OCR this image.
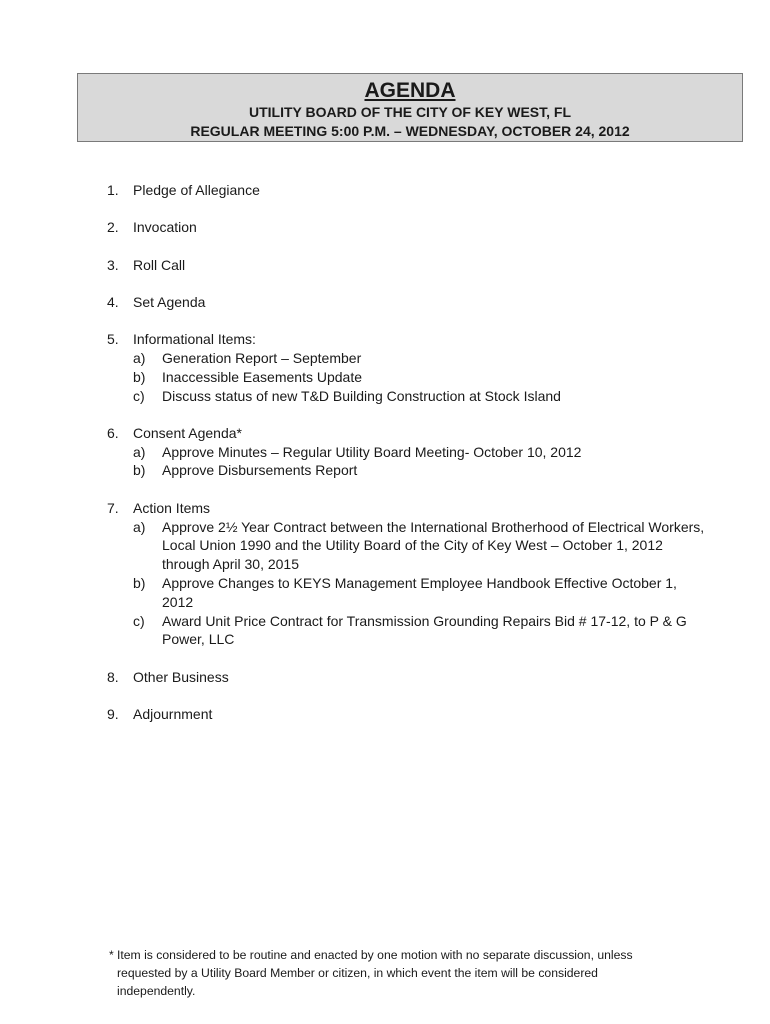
AGENDA
UTILITY BOARD OF THE CITY OF KEY WEST, FL
REGULAR MEETING 5:00 P.M. – WEDNESDAY, OCTOBER 24, 2012
1.	Pledge of Allegiance
2.	Invocation
3.	Roll Call
4.	Set Agenda
5.	Informational Items:
a)	Generation Report – September
b)	Inaccessible Easements Update
c)	Discuss status of new T&D Building Construction at Stock Island
6.	Consent Agenda*
a)	Approve Minutes – Regular Utility Board Meeting- October 10, 2012
b)	Approve Disbursements Report
7.	Action Items
a)	Approve 2½ Year Contract between the International Brotherhood of Electrical Workers, Local Union 1990 and the Utility Board of the City of Key West – October 1, 2012 through April 30, 2015
b)	Approve Changes to KEYS Management Employee Handbook Effective October 1, 2012
c)	Award Unit Price Contract for Transmission Grounding Repairs Bid # 17-12, to P & G Power, LLC
8.	Other Business
9.	Adjournment
* Item is considered to be routine and enacted by one motion with no separate discussion, unless requested by a Utility Board Member or citizen, in which event the item will be considered independently.
